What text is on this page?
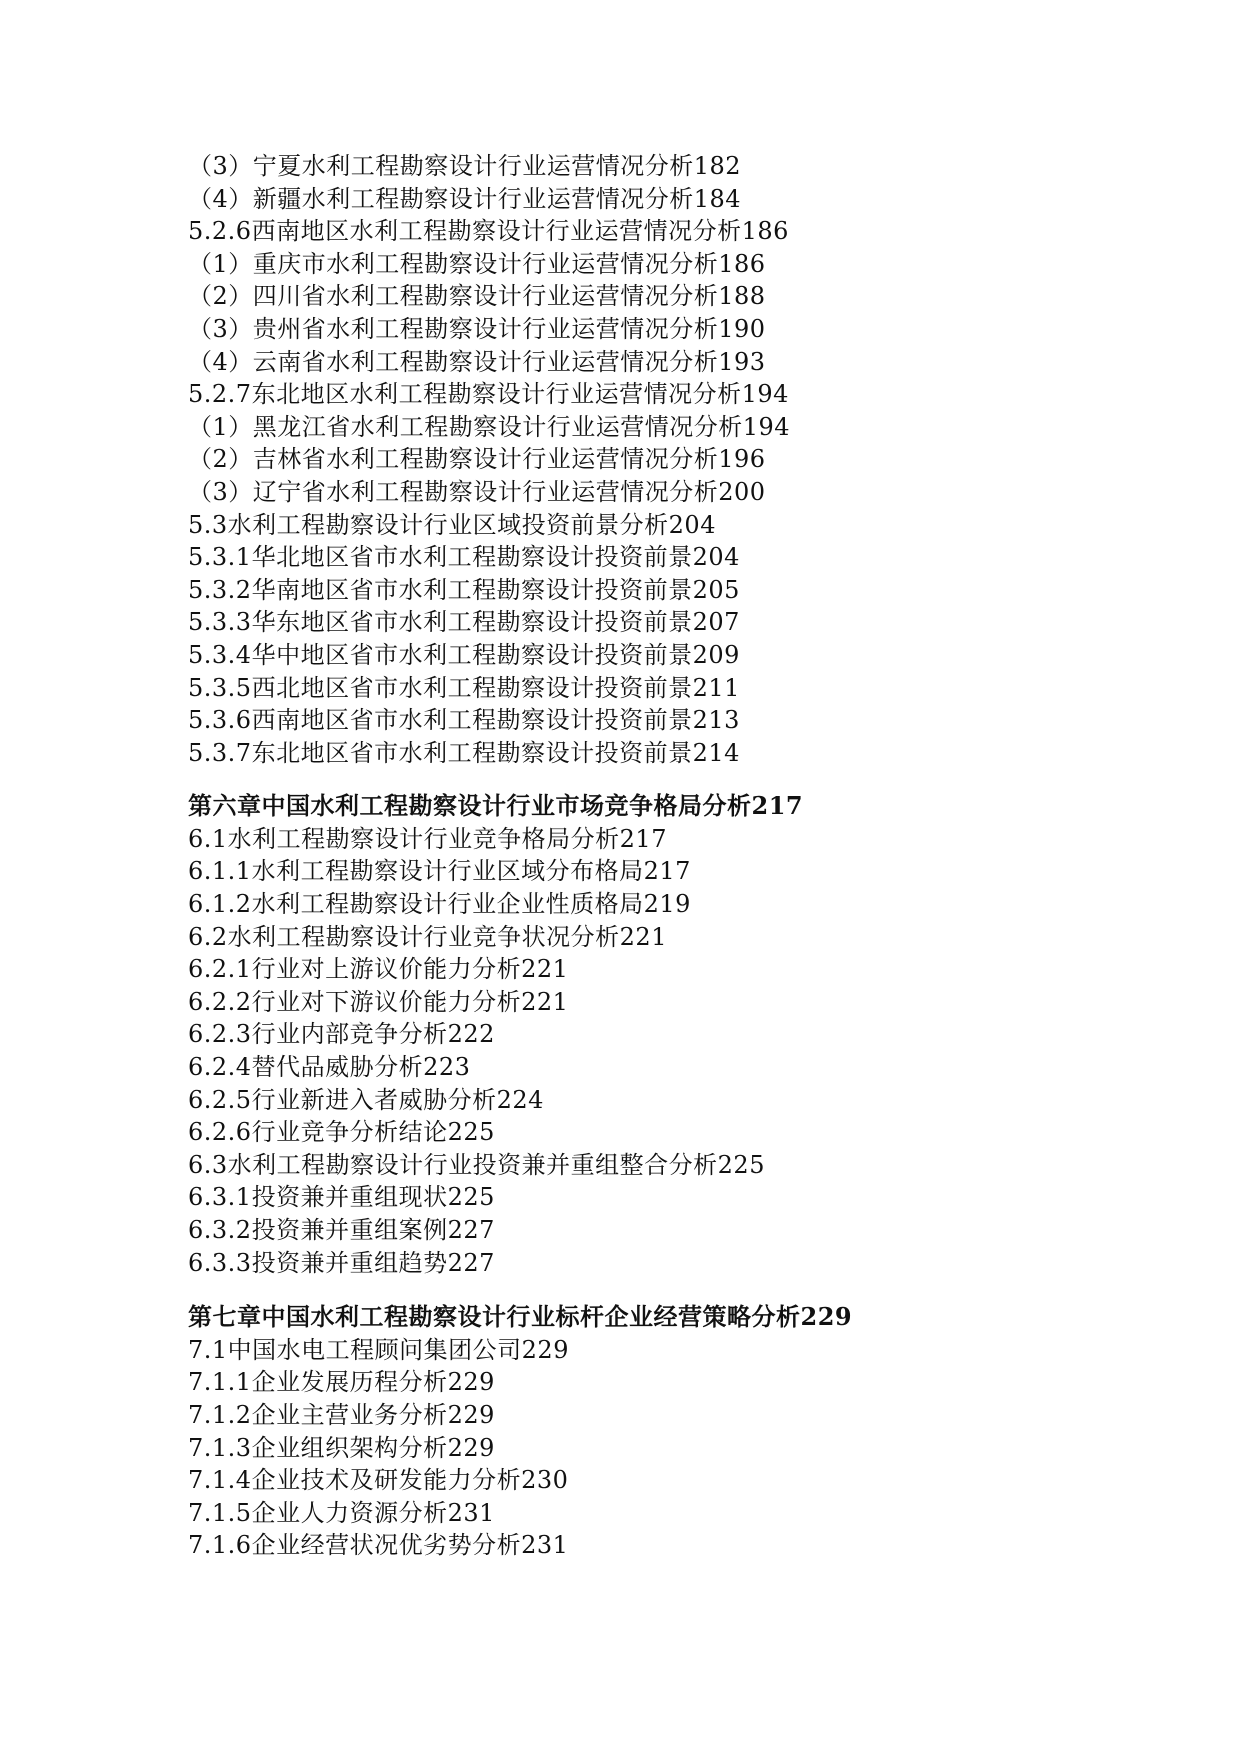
（3）宁夏水利工程勘察设计行业运营情况分析182
（4）新疆水利工程勘察设计行业运营情况分析184
5.2.6西南地区水利工程勘察设计行业运营情况分析186
（1）重庆市水利工程勘察设计行业运营情况分析186
（2）四川省水利工程勘察设计行业运营情况分析188
（3）贵州省水利工程勘察设计行业运营情况分析190
（4）云南省水利工程勘察设计行业运营情况分析193
5.2.7东北地区水利工程勘察设计行业运营情况分析194
（1）黑龙江省水利工程勘察设计行业运营情况分析194
（2）吉林省水利工程勘察设计行业运营情况分析196
（3）辽宁省水利工程勘察设计行业运营情况分析200
5.3水利工程勘察设计行业区域投资前景分析204
5.3.1华北地区省市水利工程勘察设计投资前景204
5.3.2华南地区省市水利工程勘察设计投资前景205
5.3.3华东地区省市水利工程勘察设计投资前景207
5.3.4华中地区省市水利工程勘察设计投资前景209
5.3.5西北地区省市水利工程勘察设计投资前景211
5.3.6西南地区省市水利工程勘察设计投资前景213
5.3.7东北地区省市水利工程勘察设计投资前景214
第六章中国水利工程勘察设计行业市场竞争格局分析217
6.1水利工程勘察设计行业竞争格局分析217
6.1.1水利工程勘察设计行业区域分布格局217
6.1.2水利工程勘察设计行业企业性质格局219
6.2水利工程勘察设计行业竞争状况分析221
6.2.1行业对上游议价能力分析221
6.2.2行业对下游议价能力分析221
6.2.3行业内部竞争分析222
6.2.4替代品威胁分析223
6.2.5行业新进入者威胁分析224
6.2.6行业竞争分析结论225
6.3水利工程勘察设计行业投资兼并重组整合分析225
6.3.1投资兼并重组现状225
6.3.2投资兼并重组案例227
6.3.3投资兼并重组趋势227
第七章中国水利工程勘察设计行业标杆企业经营策略分析229
7.1中国水电工程顾问集团公司229
7.1.1企业发展历程分析229
7.1.2企业主营业务分析229
7.1.3企业组织架构分析229
7.1.4企业技术及研发能力分析230
7.1.5企业人力资源分析231
7.1.6企业经营状况优劣势分析231
